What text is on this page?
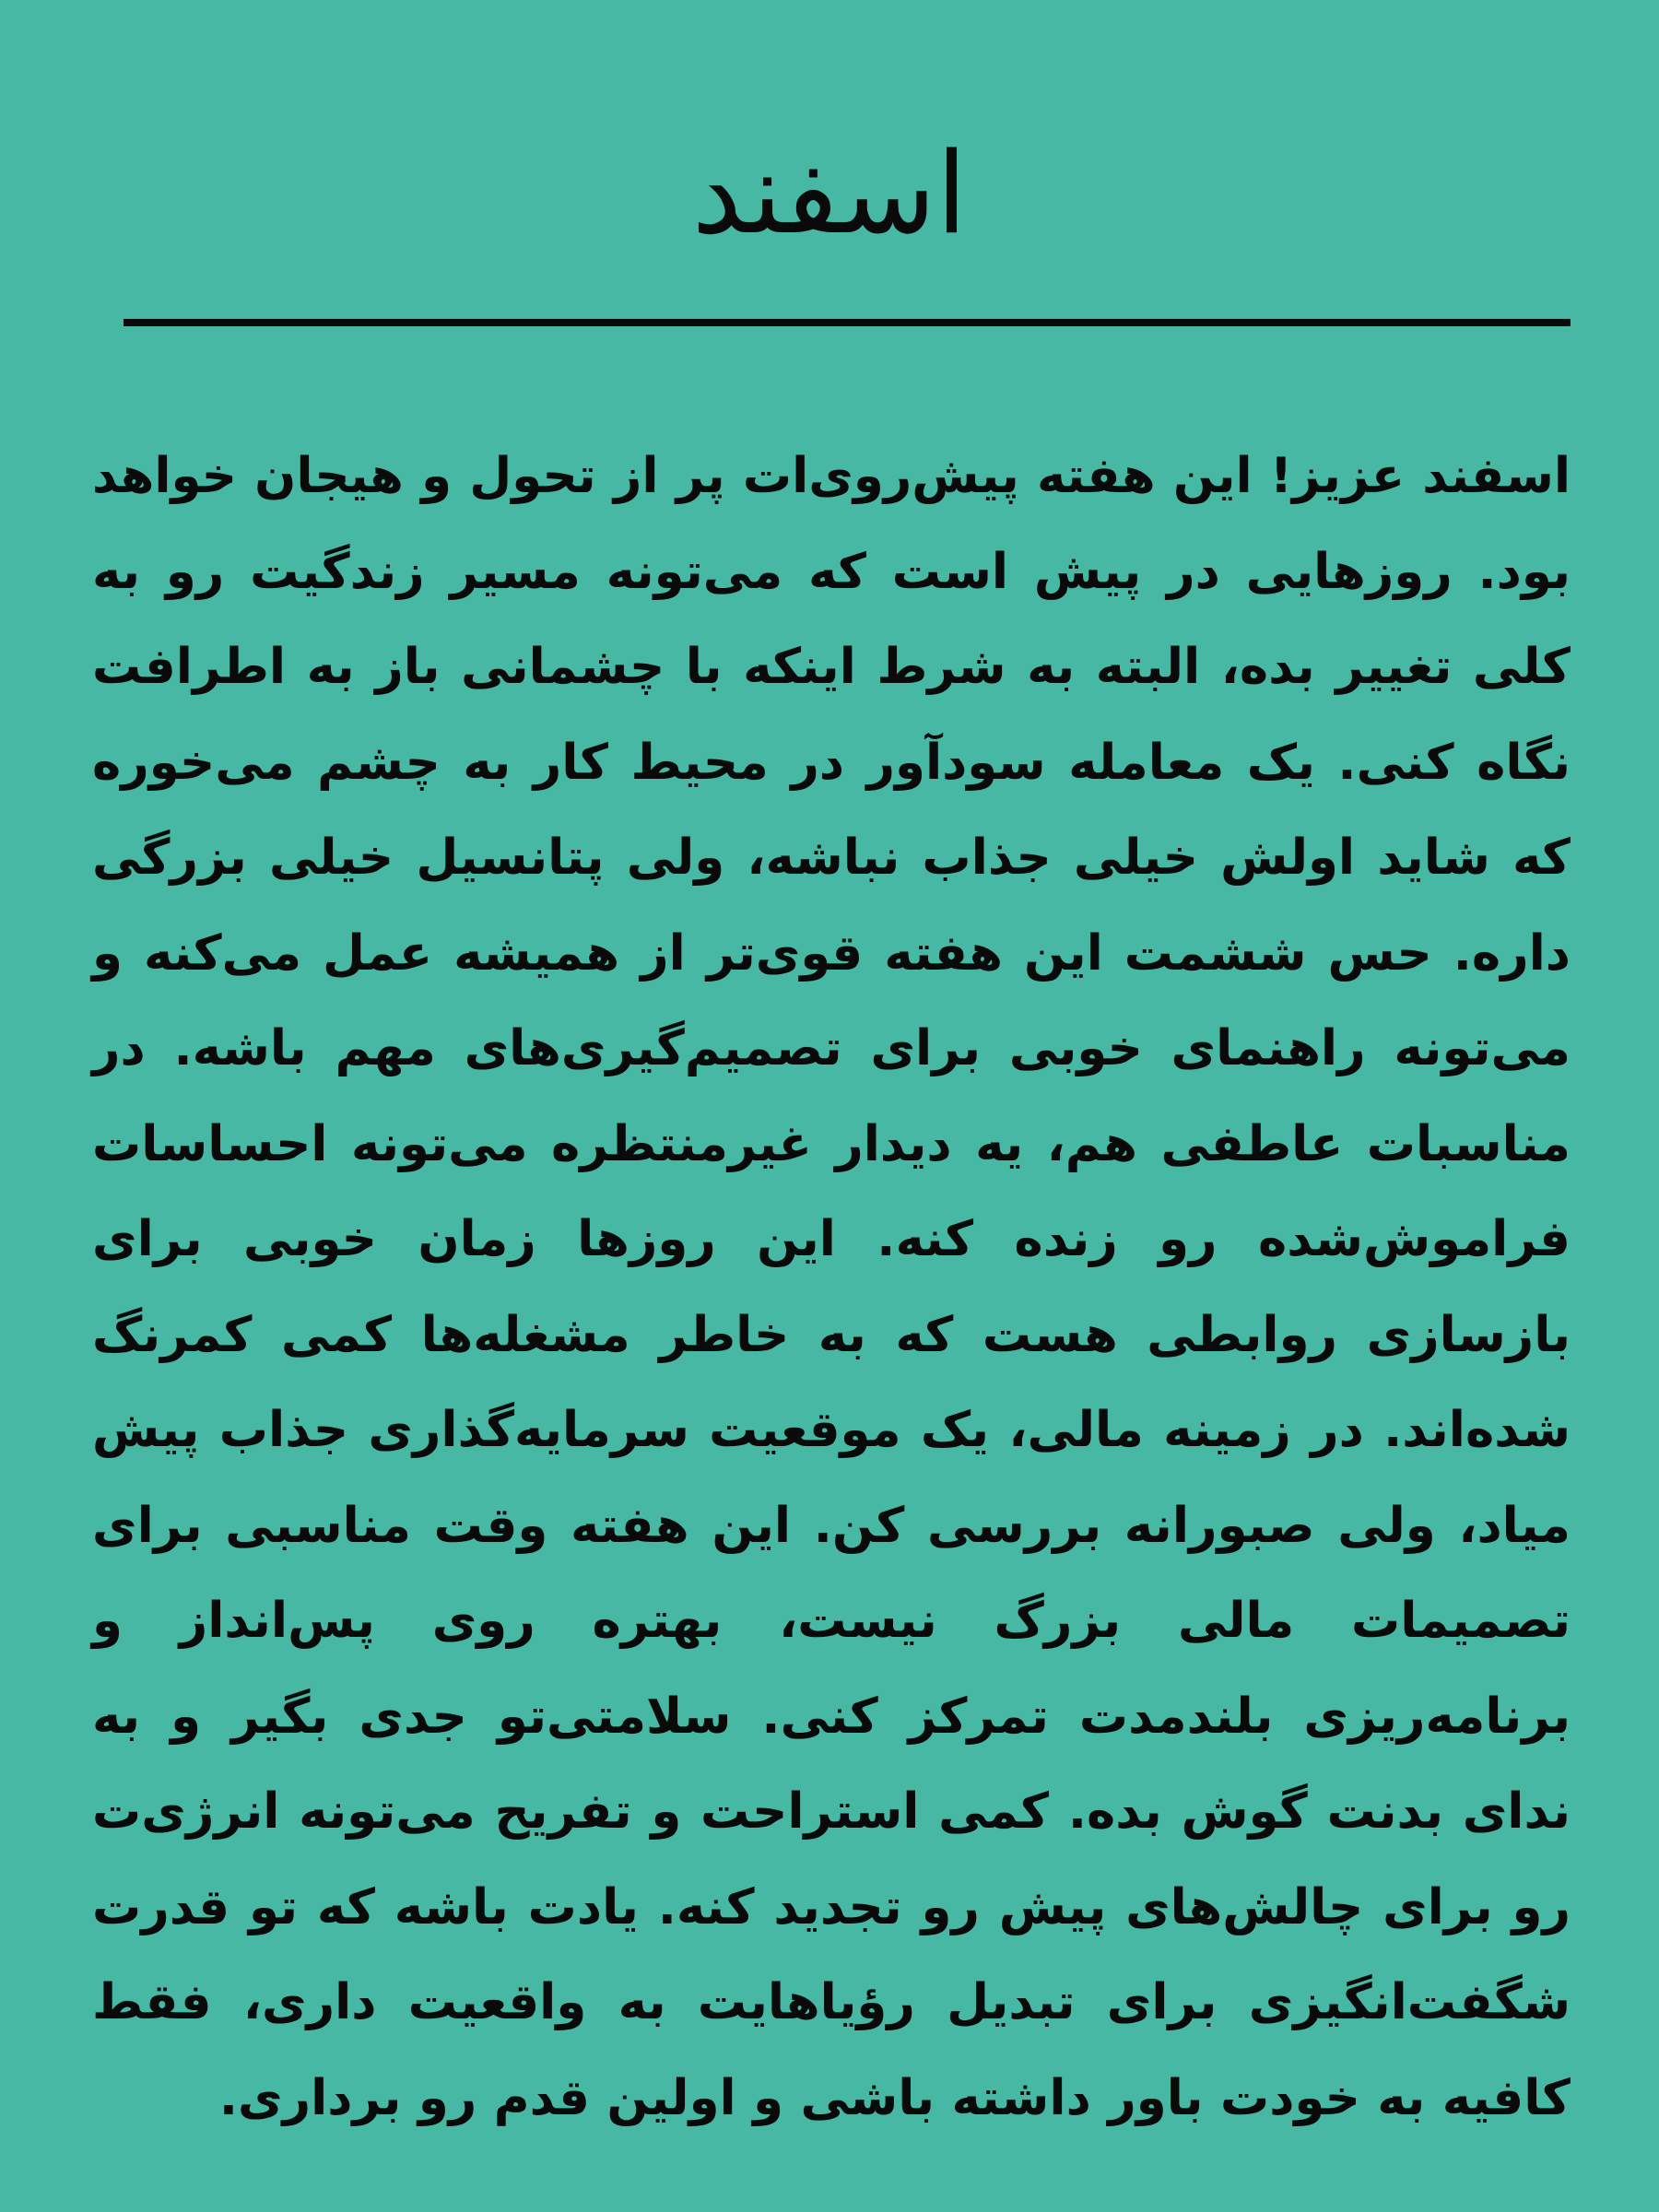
اسفند

اسفند عزیز! این هفته پیش‌روی‌ات پر از تحول و هیجان خواهد بود. روزهایی در پیش است که می‌تونه مسیر زندگیت رو به کلی تغییر بده، البته به شرط اینکه با چشمانی باز به اطرافت نگاه کنی. یک معامله سودآور در محیط کار به چشم می‌خوره که شاید اولش خیلی جذاب نباشه، ولی پتانسیل خیلی بزرگی داره. حس ششمت این هفته قوی‌تر از همیشه عمل می‌کنه و می‌تونه راهنمای خوبی برای تصمیم‌گیری‌های مهم باشه. در مناسبات عاطفی هم، یه دیدار غیرمنتظره می‌تونه احساسات فراموش‌شده رو زنده کنه. این روزها زمان خوبی برای بازسازی روابطی هست که به خاطر مشغله‌ها کمی کمرنگ شده‌اند. در زمینه مالی، یک موقعیت سرمایه‌گذاری جذاب پیش میاد، ولی صبورانه بررسی کن. این هفته وقت مناسبی برای تصمیمات مالی بزرگ نیست، بهتره روی پس‌انداز و برنامه‌ریزی بلندمدت تمرکز کنی. سلامتی‌تو جدی بگیر و به ندای بدنت گوش بده. کمی استراحت و تفریح می‌تونه انرژی‌ت رو برای چالش‌های پیش رو تجدید کنه. یادت باشه که تو قدرت شگفت‌انگیزی برای تبدیل رؤیاهایت به واقعیت داری، فقط کافیه به خودت باور داشته باشی و اولین قدم رو برداری.
